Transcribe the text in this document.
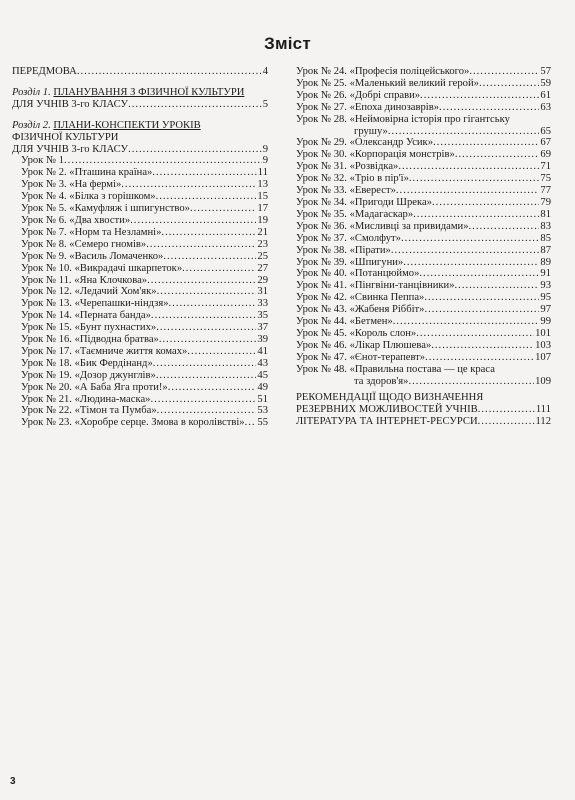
Зміст
ПЕРЕДМОВА .....	4
Розділ 1. ПЛАНУВАННЯ З ФІЗИЧНОЇ КУЛЬТУРИ
ДЛЯ УЧНІВ 3-го КЛАСУ .....	5
Розділ 2. ПЛАНИ-КОНСПЕКТИ УРОКІВ
ФІЗИЧНОЇ КУЛЬТУРИ
ДЛЯ УЧНІВ 3-го КЛАСУ .....	9
Урок № 1 .....	9
Урок № 2. «Пташина країна» .....	11
Урок № 3. «На фермі» .....	13
Урок № 4. «Білка з горішком» .....	15
Урок № 5. «Камуфляж і шпигунство» .....	17
Урок № 6. «Два хвости» .....	19
Урок № 7. «Норм та Незламні» .....	21
Урок № 8. «Семеро гномів» .....	23
Урок № 9. «Василь Ломаченко» .....	25
Урок № 10. «Викрадачі шкарпеток» .....	27
Урок № 11. «Яна Клочкова» .....	29
Урок № 12. «Ледачий Хом'як» .....	31
Урок № 13. «Черепашки-ніндзя» .....	33
Урок № 14. «Перната банда» .....	35
Урок № 15. «Бунт пухнастих» .....	37
Урок № 16. «Підводна братва» .....	39
Урок № 17. «Таємниче життя комах» .....	41
Урок № 18. «Бик Фердінанд» .....	43
Урок № 19. «Дозор джунглів» .....	45
Урок № 20. «А Баба Яга проти!» .....	49
Урок № 21. «Людина-маска» .....	51
Урок № 22. «Тімон та Пумба» .....	53
Урок № 23. «Хоробре серце. Змова в королівстві» ..... 55
Урок № 24. «Професія поліцейського» .....	57
Урок № 25. «Маленький великий герой» .....	59
Урок № 26. «Добрі справи» .....	61
Урок № 27. «Епоха динозаврів» .....	63
Урок № 28. «Неймовірна історія про гігантську
грушу» .....	65
Урок № 29. «Олександр Усик» .....	67
Урок № 30. «Корпорація монстрів» .....	69
Урок № 31. «Розвідка» .....	71
Урок № 32. «Тріо в пір'ї» .....	75
Урок № 33. «Еверест» .....	77
Урок № 34. «Пригоди Шрека» .....	79
Урок № 35. «Мадагаскар» .....	81
Урок № 36. «Мисливці за привидами» .....	83
Урок № 37. «Смолфут» .....	85
Урок № 38. «Пірати» .....	87
Урок № 39. «Шпигуни» .....	89
Урок № 40. «Потанцюймо» .....	91
Урок № 41. «Пінгвіни-танцівники» .....	93
Урок № 42. «Свинка Пеппа» .....	95
Урок № 43. «Жабеня Ріббіт» .....	97
Урок № 44. «Бетмен» .....	99
Урок № 45. «Король слон» .....	101
Урок № 46. «Лікар Плюшева» .....	103
Урок № 47. «Єнот-терапевт» .....	107
Урок № 48. «Правильна постава — це краса
та здоров'я» .....	109
РЕКОМЕНДАЦІЇ ЩОДО ВИЗНАЧЕННЯ
РЕЗЕРВНИХ МОЖЛИВОСТЕЙ УЧНІВ .....	111
ЛІТЕРАТУРА ТА ІНТЕРНЕТ-РЕСУРСИ .....	112
3
